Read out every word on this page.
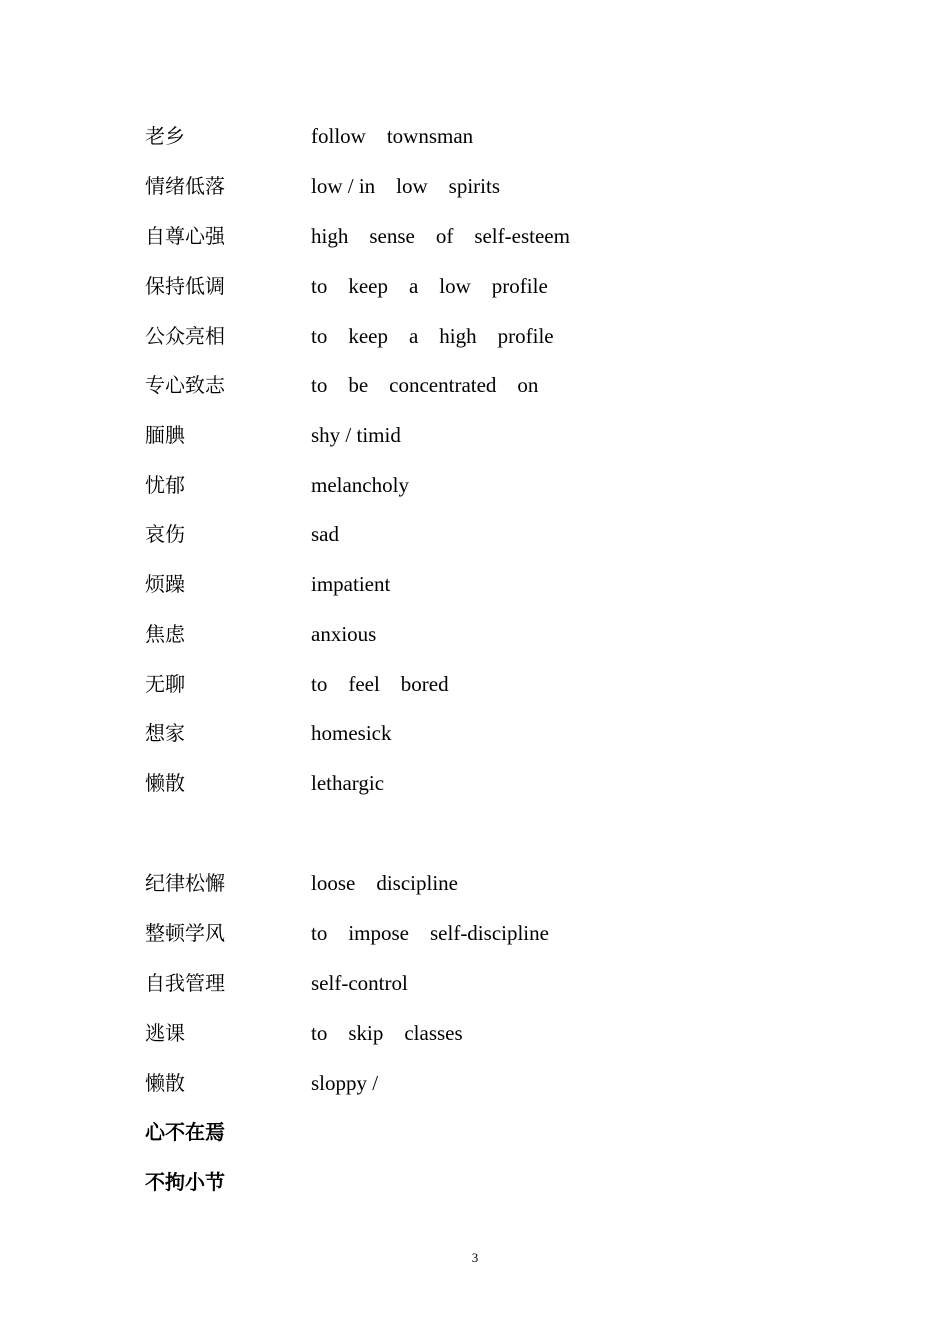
老乡	follow    townsman
情绪低落	low / in    low    spirits
自尊心强	high    sense    of    self-esteem
保持低调	to    keep    a    low    profile
公众亮相	to    keep    a    high    profile
专心致志	to    be    concentrated    on
腼腆	shy / timid
忧郁	melancholy
哀伤	sad
烦躁	impatient
焦虑	anxious
无聊	to    feel    bored
想家	homesick
懒散	lethargic
纪律松懈	loose    discipline
整顿学风	to    impose    self-discipline
自我管理	self-control
逃课	to    skip    classes
懒散	sloppy /
心不在焉
不拘小节
3
